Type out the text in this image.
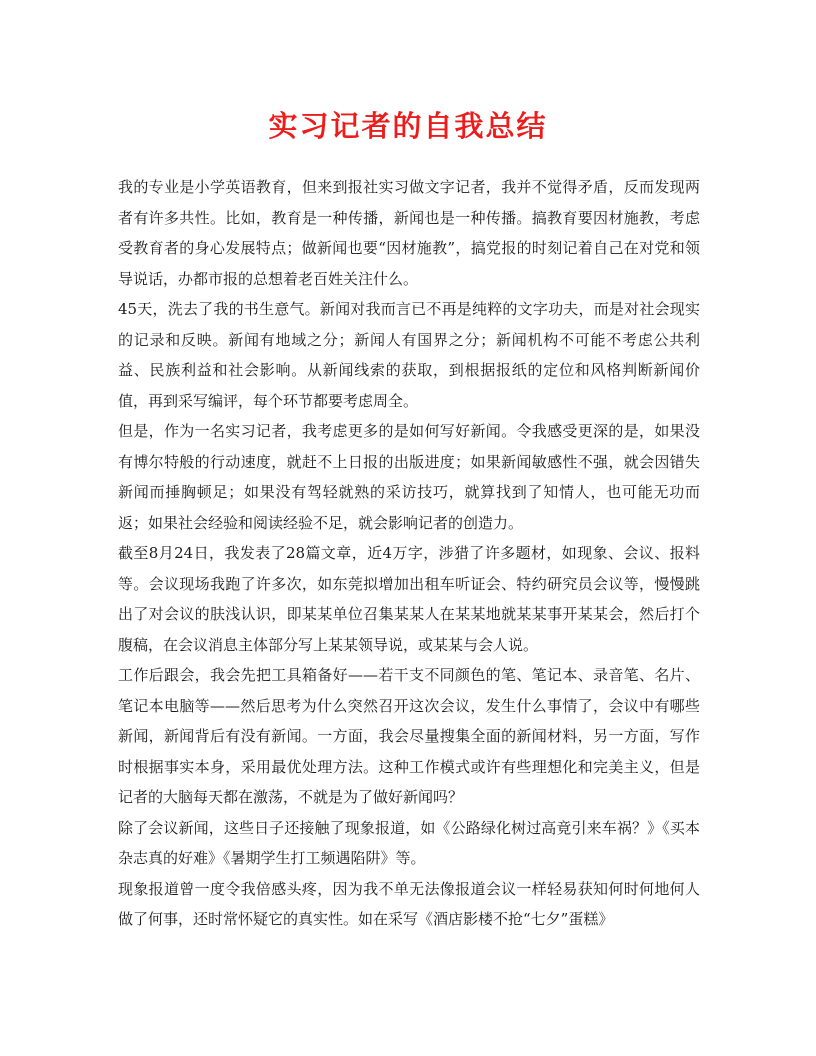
实习记者的自我总结

我的专业是小学英语教育，但来到报社实习做文字记者，我并不觉得矛盾，反而发现两者有许多共性。比如，教育是一种传播，新闻也是一种传播。搞教育要因材施教，考虑受教育者的身心发展特点；做新闻也要“因材施教”，搞党报的时刻记着自己在对党和领导说话，办都市报的总想着老百姓关注什么。

45天，洗去了我的书生意气。新闻对我而言已不再是纯粹的文字功夫，而是对社会现实的记录和反映。新闻有地域之分；新闻人有国界之分；新闻机构不可能不考虑公共利益、民族利益和社会影响。从新闻线索的获取，到根据报纸的定位和风格判断新闻价值，再到采写编评，每个环节都要考虑周全。

但是，作为一名实习记者，我考虑更多的是如何写好新闻。令我感受更深的是，如果没有博尔特般的行动速度，就赶不上日报的出版进度；如果新闻敏感性不强，就会因错失新闻而捶胸顿足；如果没有驾轻就熟的采访技巧，就算找到了知情人，也可能无功而返；如果社会经验和阅读经验不足，就会影响记者的创造力。

截至8月24日，我发表了28篇文章，近4万字，涉猎了许多题材，如现象、会议、报料等。会议现场我跑了许多次，如东莞拟增加出租车听证会、特约研究员会议等，慢慢跳出了对会议的肤浅认识，即某某单位召集某某人在某某地就某某事开某某会，然后打个腹稿，在会议消息主体部分写上某某领导说，或某某与会人说。

工作后跟会，我会先把工具箱备好——若干支不同颜色的笔、笔记本、录音笔、名片、笔记本电脑等——然后思考为什么突然召开这次会议，发生什么事情了，会议中有哪些新闻，新闻背后有没有新闻。一方面，我会尽量搜集全面的新闻材料，另一方面，写作时根据事实本身，采用最优处理方法。这种工作模式或许有些理想化和完美主义，但是记者的大脑每天都在激荡，不就是为了做好新闻吗？

除了会议新闻，这些日子还接触了现象报道，如《公路绿化树过高竟引来车祸？》《买本杂志真的好难》《暑期学生打工频遇陷阱》等。

现象报道曾一度令我倍感头疼，因为我不单无法像报道会议一样轻易获知何时何地何人做了何事，还时常怀疑它的真实性。如在采写《酒店影楼不抢“七夕”蛋糕》
